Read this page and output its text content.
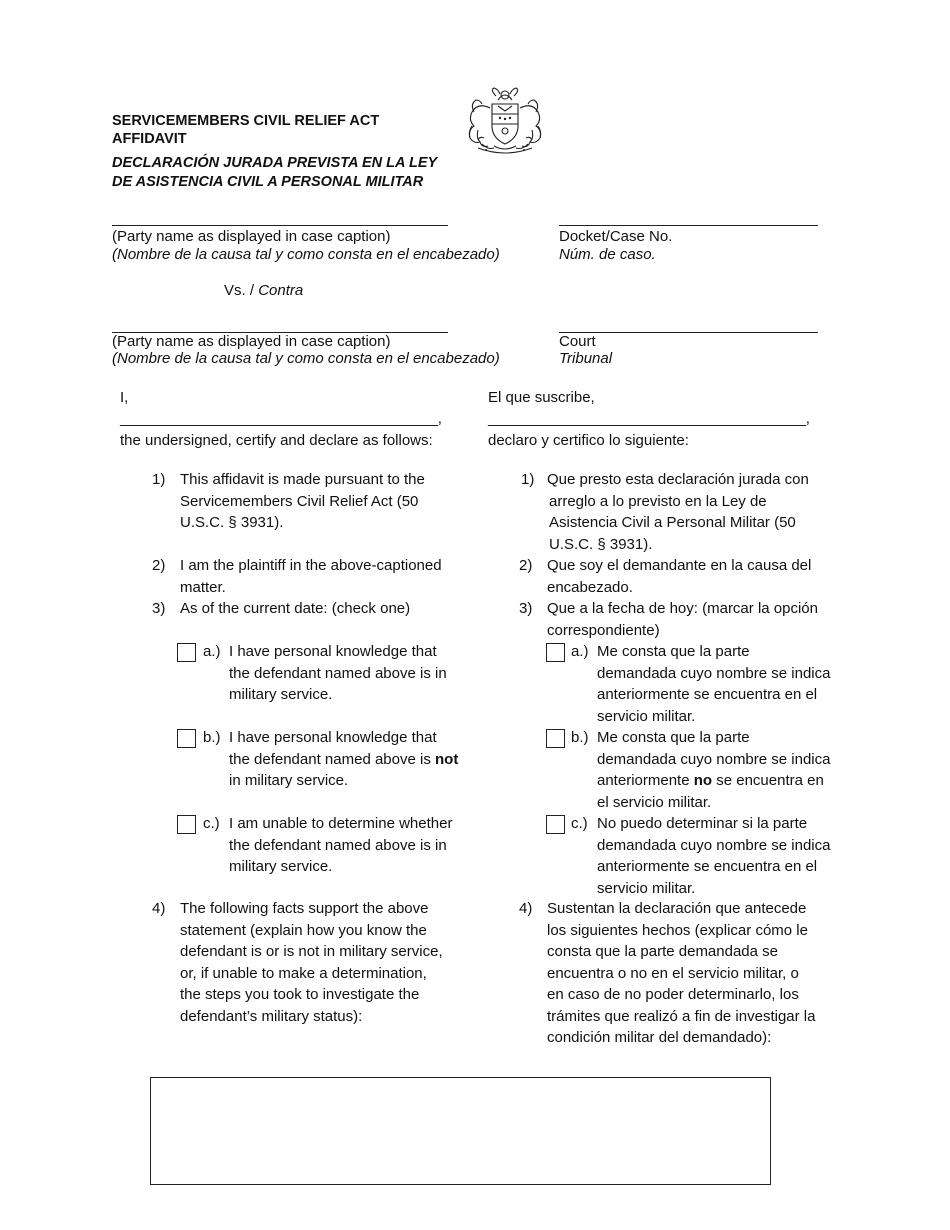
SERVICEMEMBERS CIVIL RELIEF ACT
AFFIDAVIT
DECLARACIÓN JURADA PREVISTA EN LA LEY
DE ASISTENCIA CIVIL A PERSONAL MILITAR
(Party name as displayed in case caption)
(Nombre de la causa tal y como consta en el encabezado)
Docket/Case No.
Núm. de caso.
Vs. / Contra
(Party name as displayed in case caption)
(Nombre de la causa tal y como consta en el encabezado)
Court
Tribunal
I,
________________________________________,
the undersigned, certify and declare as follows:
El que suscribe,
________________________________________,
declaro y certifico lo siguiente:
1) This affidavit is made pursuant to the
Servicemembers Civil Relief Act (50
U.S.C. § 3931).
2) I am the plaintiff in the above-captioned
matter.
3) As of the current date: (check one)
a.) I have personal knowledge that
the defendant named above is in
military service.
b.) I have personal knowledge that
the defendant named above is not
in military service.
c.) I am unable to determine whether
the defendant named above is in
military service.
4) The following facts support the above
statement (explain how you know the
defendant is or is not in military service,
or, if unable to make a determination,
the steps you took to investigate the
defendant’s military status):
1) Que presto esta declaración jurada con
arreglo a lo previsto en la Ley de
Asistencia Civil a Personal Militar (50
U.S.C. § 3931).
2) Que soy el demandante en la causa del
encabezado.
3) Que a la fecha de hoy: (marcar la opción
correspondiente)
a.) Me consta que la parte
demandada cuyo nombre se indica
anteriormente se encuentra en el
servicio militar.
b.) Me consta que la parte
demandada cuyo nombre se indica
anteriormente no se encuentra en
el servicio militar.
c.) No puedo determinar si la parte
demandada cuyo nombre se indica
anteriormente se encuentra en el
servicio militar.
4) Sustentan la declaración que antecede
los siguientes hechos (explicar cómo le
consta que la parte demandada se
encuentra o no en el servicio militar, o
en caso de no poder determinarlo, los
trámites que realizó a fin de investigar la
condición militar del demandado):
